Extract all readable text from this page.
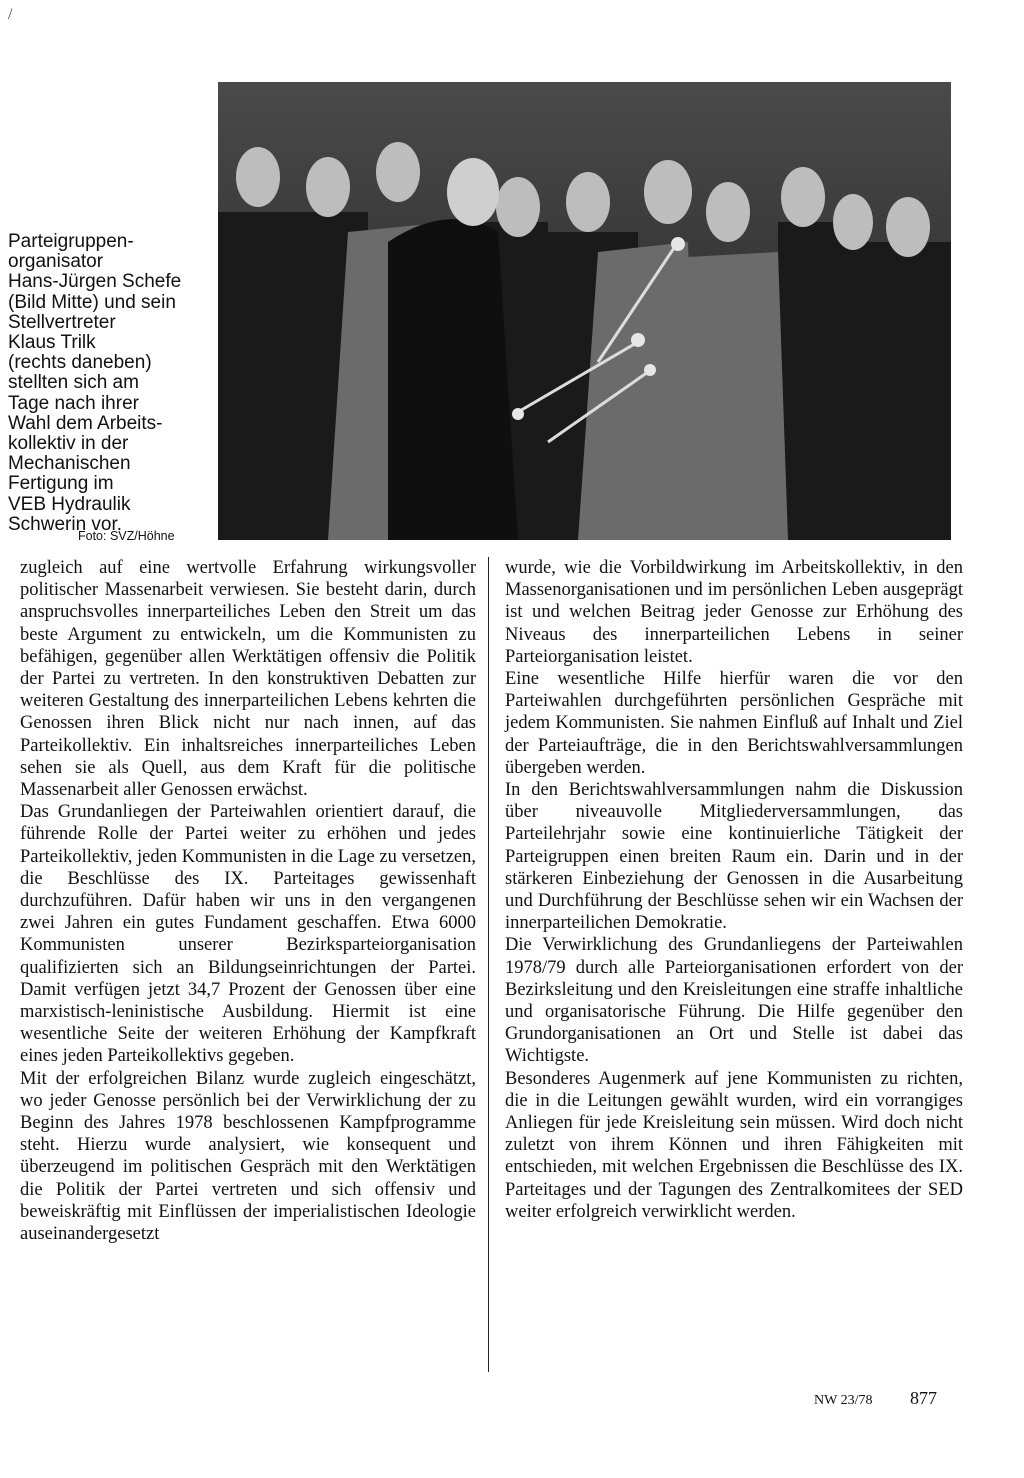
/
Parteigruppen-
organisator
Hans-Jürgen Schefe
(Bild Mitte) und sein
Stellvertreter
Klaus Trilk
(rechts daneben)
stellten sich am
Tage nach ihrer
Wahl dem Arbeits-
kollektiv in der
Mechanischen
Fertigung im
VEB Hydraulik
Schwerin vor.
Foto: SVZ/Höhne

zugleich auf eine wertvolle Erfahrung wirkungsvoller politischer Massenarbeit verwiesen. Sie besteht darin, durch anspruchsvolles innerparteiliches Leben den Streit um das beste Argument zu entwickeln, um die Kommunisten zu befähigen, gegenüber allen Werktätigen offensiv die Politik der Partei zu vertreten. In den konstruktiven Debatten zur weiteren Gestaltung des innerparteilichen Lebens kehrten die Genossen ihren Blick nicht nur nach innen, auf das Parteikollektiv. Ein inhaltsreiches innerparteiliches Leben sehen sie als Quell, aus dem Kraft für die politische Massenarbeit aller Genossen erwächst.

Das Grundanliegen der Parteiwahlen orientiert darauf, die führende Rolle der Partei weiter zu erhöhen und jedes Parteikollektiv, jeden Kommunisten in die Lage zu versetzen, die Beschlüsse des IX. Parteitages gewissenhaft durchzuführen. Dafür haben wir uns in den vergangenen zwei Jahren ein gutes Fundament geschaffen. Etwa 6000 Kommunisten unserer Bezirksparteiorganisation qualifizierten sich an Bildungseinrichtungen der Partei. Damit verfügen jetzt 34,7 Prozent der Genossen über eine marxistisch-leninistische Ausbildung. Hiermit ist eine wesentliche Seite der weiteren Erhöhung der Kampfkraft eines jeden Parteikollektivs gegeben.

Mit der erfolgreichen Bilanz wurde zugleich eingeschätzt, wo jeder Genosse persönlich bei der Verwirklichung der zu Beginn des Jahres 1978 beschlossenen Kampfprogramme steht. Hierzu wurde analysiert, wie konsequent und überzeugend im politischen Gespräch mit den Werktätigen die Politik der Partei vertreten und sich offensiv und beweiskräftig mit Einflüssen der imperialistischen Ideologie auseinandergesetzt

wurde, wie die Vorbildwirkung im Arbeitskollektiv, in den Massenorganisationen und im persönlichen Leben ausgeprägt ist und welchen Beitrag jeder Genosse zur Erhöhung des Niveaus des innerparteilichen Lebens in seiner Parteiorganisation leistet.

Eine wesentliche Hilfe hierfür waren die vor den Parteiwahlen durchgeführten persönlichen Gespräche mit jedem Kommunisten. Sie nahmen Einfluß auf Inhalt und Ziel der Parteiaufträge, die in den Berichtswahlversammlungen übergeben werden.

In den Berichtswahlversammlungen nahm die Diskussion über niveauvolle Mitgliederversammlungen, das Parteilehrjahr sowie eine kontinuierliche Tätigkeit der Parteigruppen einen breiten Raum ein. Darin und in der stärkeren Einbeziehung der Genossen in die Ausarbeitung und Durchführung der Beschlüsse sehen wir ein Wachsen der innerparteilichen Demokratie.

Die Verwirklichung des Grundanliegens der Parteiwahlen 1978/79 durch alle Parteiorganisationen erfordert von der Bezirksleitung und den Kreisleitungen eine straffe inhaltliche und organisatorische Führung. Die Hilfe gegenüber den Grundorganisationen an Ort und Stelle ist dabei das Wichtigste.

Besonderes Augenmerk auf jene Kommunisten zu richten, die in die Leitungen gewählt wurden, wird ein vorrangiges Anliegen für jede Kreisleitung sein müssen. Wird doch nicht zuletzt von ihrem Können und ihren Fähigkeiten mit entschieden, mit welchen Ergebnissen die Beschlüsse des IX. Parteitages und der Tagungen des Zentralkomitees der SED weiter erfolgreich verwirklicht werden.

NW 23/78 877
